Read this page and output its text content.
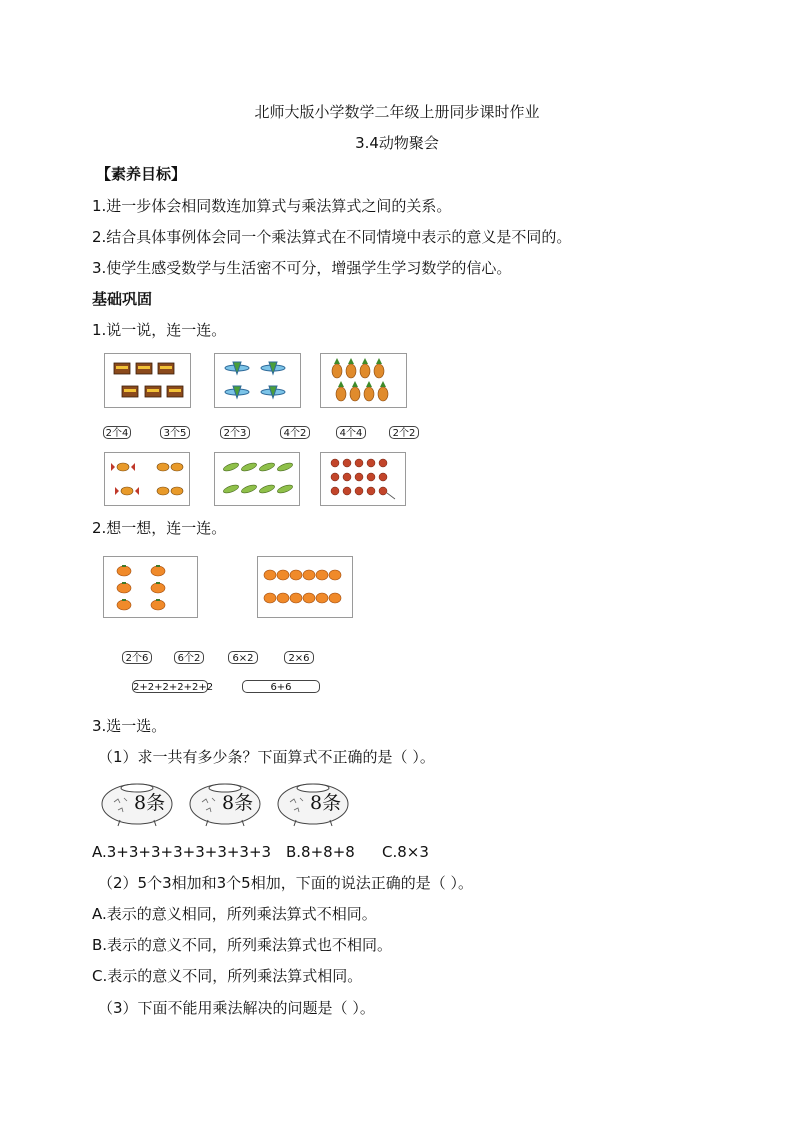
北师大版小学数学二年级上册同步课时作业
3.4动物聚会
【素养目标】
1.进一步体会相同数连加算式与乘法算式之间的关系。
2.结合具体事例体会同一个乘法算式在不同情境中表示的意义是不同的。
3.使学生感受数学与生活密不可分，增强学生学习数学的信心。
基础巩固
1.说一说，连一连。
2个4	3个5	2个3	4个2	4个4	2个2
2.想一想，连一连。
2个6	6个2	6×2	2×6
2+2+2+2+2+2	6+6
3.选一选。
（1）求一共有多少条？下面算式不正确的是（ ）。
8条	8条	8条
A.3+3+3+3+3+3+3+3 B.8+8+8 C.8×3
（2）5个3相加和3个5相加，下面的说法正确的是（ ）。
A.表示的意义相同，所列乘法算式不相同。
B.表示的意义不同，所列乘法算式也不相同。
C.表示的意义不同，所列乘法算式相同。
（3）下面不能用乘法解决的问题是（ ）。
